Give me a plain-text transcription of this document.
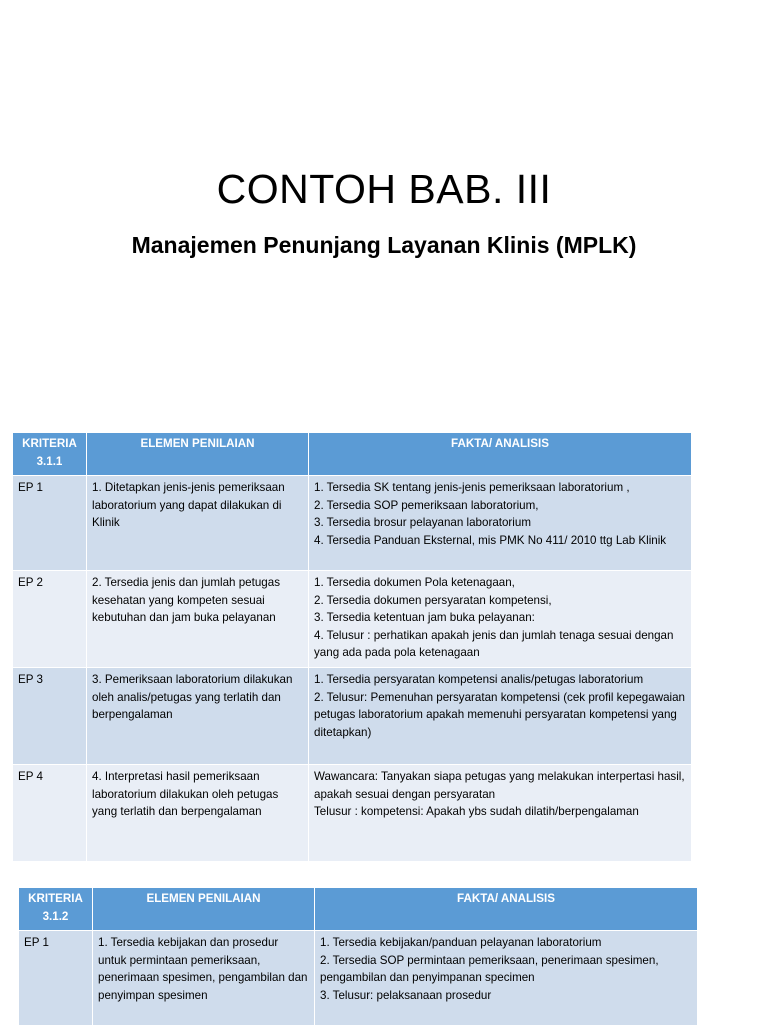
CONTOH BAB. III
Manajemen Penunjang Layanan Klinis (MPLK)
KRITERIA 3.1.1	ELEMEN PENILAIAN	FAKTA/ ANALISIS
EP 1	1. Ditetapkan jenis-jenis pemeriksaan laboratorium yang dapat dilakukan di Klinik	1. Tersedia SK tentang jenis-jenis pemeriksaan laboratorium ,
2. Tersedia SOP pemeriksaan laboratorium,
3. Tersedia brosur pelayanan laboratorium
4. Tersedia Panduan Eksternal, mis PMK No 411/ 2010 ttg Lab Klinik

EP 2	2. Tersedia jenis dan jumlah petugas kesehatan yang kompeten sesuai kebutuhan dan jam buka pelayanan	1. Tersedia dokumen Pola ketenagaan,
2. Tersedia dokumen persyaratan kompetensi,
3. Tersedia ketentuan jam buka pelayanan:
4. Telusur : perhatikan apakah jenis dan jumlah tenaga sesuai dengan yang ada pada pola ketenagaan

EP 3	3. Pemeriksaan laboratorium dilakukan oleh analis/petugas yang terlatih dan berpengalaman	1. Tersedia persyaratan kompetensi analis/petugas laboratorium
2. Telusur: Pemenuhan persyaratan kompetensi (cek profil kepegawaian petugas laboratorium apakah memenuhi persyaratan kompetensi yang ditetapkan)

EP 4	4. Interpretasi hasil pemeriksaan laboratorium dilakukan oleh petugas yang terlatih dan berpengalaman	Wawancara: Tanyakan siapa petugas yang melakukan interpertasi hasil, apakah sesuai dengan persyaratan
Telusur : kompetensi: Apakah ybs sudah dilatih/berpengalaman
KRITERIA 3.1.2	ELEMEN PENILAIAN	FAKTA/ ANALISIS
EP 1	1. Tersedia kebijakan dan prosedur untuk permintaan pemeriksaan, penerimaan spesimen, pengambilan dan penyimpan spesimen	1. Tersedia kebijakan/panduan pelayanan laboratorium
2. Tersedia SOP permintaan pemeriksaan, penerimaan spesimen, pengambilan dan penyimpanan specimen
3. Telusur: pelaksanaan prosedur
